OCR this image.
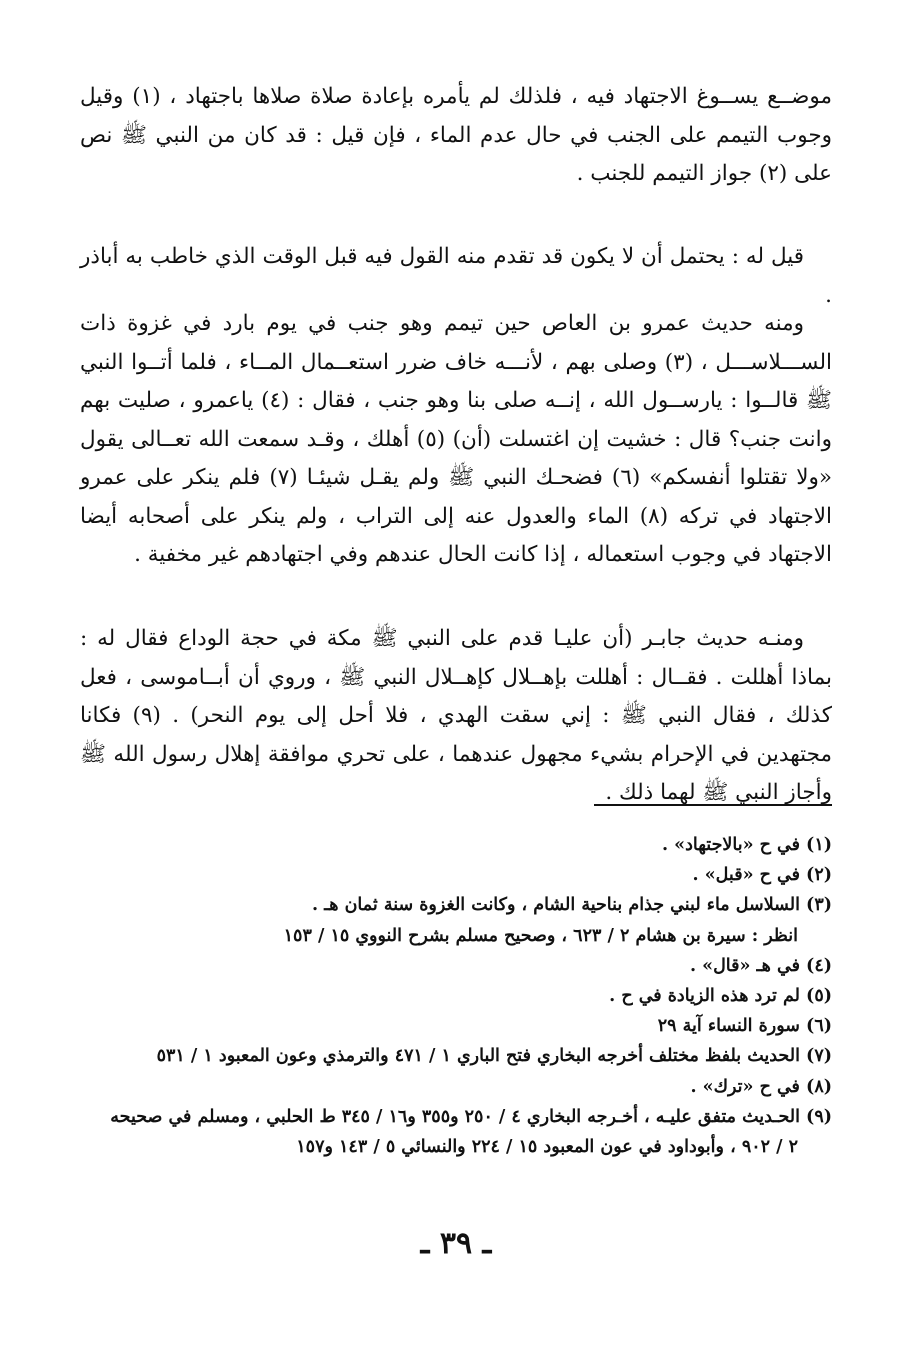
موضــع يســوغ الاجتهاد فيه ، فلذلك لم يأمره بإعادة صلاة صلاها باجتهاد ، (١) وقيل وجوب التيمم على الجنب في حال عدم الماء ، فإن قيل : قد كان من النبي ﷺ نص على (٢) جواز التيمم للجنب .

قيل له : يحتمل أن لا يكون قد تقدم منه القول فيه قبل الوقت الذي خاطب به أباذر .

ومنه حديث عمرو بن العاص حين تيمم وهو جنب في يوم بارد في غزوة ذات الســـلاســـل ، (٣) وصلى بهم ، لأنـــه خاف ضرر استعــمال المــاء ، فلما أتــوا النبي ﷺ قالــوا : يارســول الله ، إنــه صلى بنا وهو جنب ، فقال : (٤) ياعمرو ، صليت بهم وانت جنب؟ قال : خشيت إن اغتسلت (أن) (٥) أهلك ، وقـد سمعت الله تعــالى يقول «ولا تقتلوا أنفسكم» (٦) فضحـك النبي ﷺ ولم يقـل شيئـا (٧) فلم ينكر على عمرو الاجتهاد في تركه (٨) الماء والعدول عنه إلى التراب ، ولم ينكر على أصحابه أيضا الاجتهاد في وجوب استعماله ، إذا كانت الحال عندهم وفي اجتهادهم غير مخفية .

ومنـه حديث جابـر (أن عليـا قدم على النبي ﷺ مكة في حجة الوداع فقال له : بماذا أهللت . فقــال : أهللت بإهــلال كإهــلال النبي ﷺ ، وروي أن أبــاموسى ، فعل كذلك ، فقال النبي ﷺ : إني سقت الهدي ، فلا أحل إلى يوم النحر) . (٩) فكانا مجتهدين في الإحرام بشيء مجهول عندهما ، على تحري موافقة إهلال رسول الله ﷺ وأجاز النبي ﷺ لهما ذلك .

(١) في ح «بالاجتهاد» .

(٢) في ح «قبل» .

(٣) السلاسل ماء لبني جذام بناحية الشام ، وكانت الغزوة سنة ثمان هـ .

انظر : سيرة بن هشام ٢ / ٦٢٣ ، وصحيح مسلم بشرح النووي ١٥ / ١٥٣

(٤) في هـ «قال» .

(٥) لم ترد هذه الزيادة في ح .

(٦) سورة النساء آية ٢٩

(٧) الحديث بلفظ مختلف أخرجه البخاري فتح الباري ١ / ٤٧١ والترمذي وعون المعبود ١ / ٥٣١

(٨) في ح «ترك» .

(٩) الحـديث متفق عليـه ، أخـرجه البخاري ٤ / ٢٥٠ و٣٥٥ و١٦ / ٣٤٥ ط الحلبي ، ومسلم في صحيحه

٢ / ٩٠٢ ، وأبوداود في عون المعبود ١٥ / ٢٢٤ والنسائي ٥ / ١٤٣ و١٥٧

ـ ٣٩ ـ
